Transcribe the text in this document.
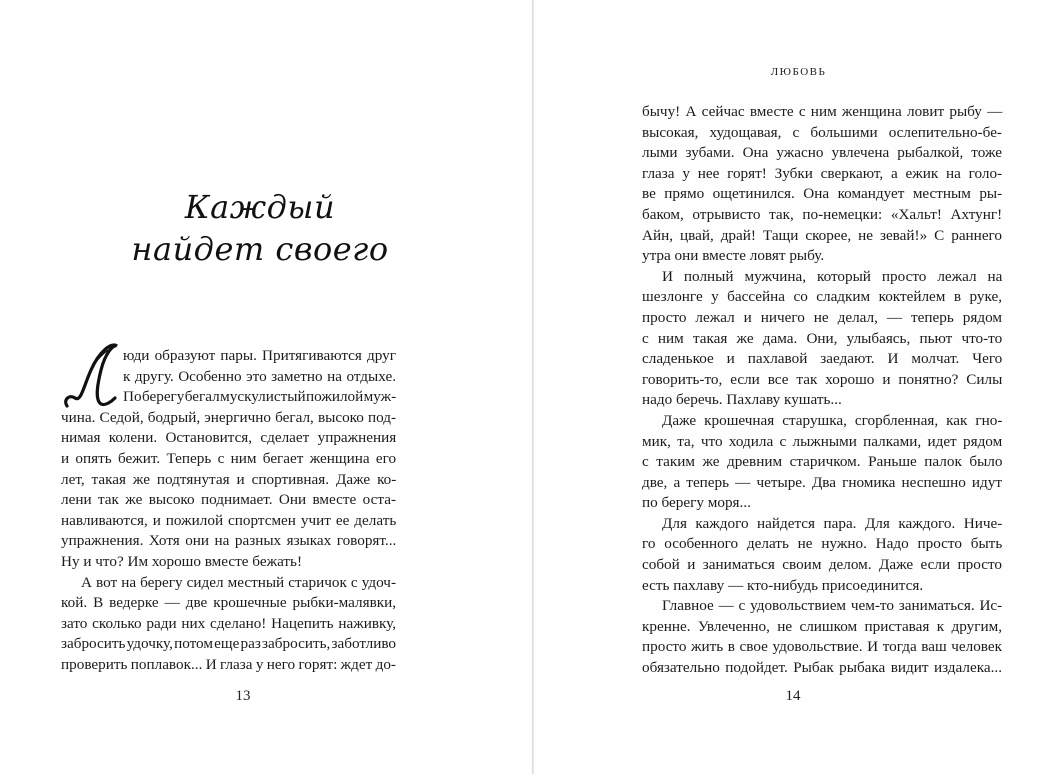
Каждый
найдет своего
юди образуют пары. Притягиваются друг
к другу. Особенно это заметно на отдыхе.
По берегу бегал мускулистый пожилой муж-
чина. Седой, бодрый, энергично бегал, высоко под-
нимая колени. Остановится, сделает упражнения
и опять бежит. Теперь с ним бегает женщина его
лет, такая же подтянутая и спортивная. Даже ко-
лени так же высоко поднимает. Они вместе оста-
навливаются, и пожилой спортсмен учит ее делать
упражнения. Хотя они на разных языках говорят...
Ну и что? Им хорошо вместе бежать!
А вот на берегу сидел местный старичок с удоч-
кой. В ведерке — две крошечные рыбки-малявки,
зато сколько ради них сделано! Нацепить наживку,
забросить удочку, потом еще раз забросить, заботливо
проверить поплавок... И глаза у него горят: ждет до-
13
ЛЮБОВЬ
бычу! А сейчас вместе с ним женщина ловит рыбу —
высокая, худощавая, с большими ослепительно-бе-
лыми зубами. Она ужасно увлечена рыбалкой, тоже
глаза у нее горят! Зубки сверкают, а ежик на голо-
ве прямо ощетинился. Она командует местным ры-
баком, отрывисто так, по-немецки: «Хальт! Ахтунг!
Айн, цвай, драй! Тащи скорее, не зевай!» С раннего
утра они вместе ловят рыбу.
И полный мужчина, который просто лежал на
шезлонге у бассейна со сладким коктейлем в руке,
просто лежал и ничего не делал, — теперь рядом
с ним такая же дама. Они, улыбаясь, пьют что-то
сладенькое и пахлавой заедают. И молчат. Чего
говорить-то, если все так хорошо и понятно? Силы
надо беречь. Пахлаву кушать...
Даже крошечная старушка, сгорбленная, как гно-
мик, та, что ходила с лыжными палками, идет рядом
с таким же древним старичком. Раньше палок было
две, а теперь — четыре. Два гномика неспешно идут
по берегу моря...
Для каждого найдется пара. Для каждого. Ниче-
го особенного делать не нужно. Надо просто быть
собой и заниматься своим делом. Даже если просто
есть пахлаву — кто-нибудь присоединится.
Главное — с удовольствием чем-то заниматься. Ис-
кренне. Увлеченно, не слишком приставая к другим,
просто жить в свое удовольствие. И тогда ваш человек
обязательно подойдет. Рыбак рыбака видит издалека...
14
